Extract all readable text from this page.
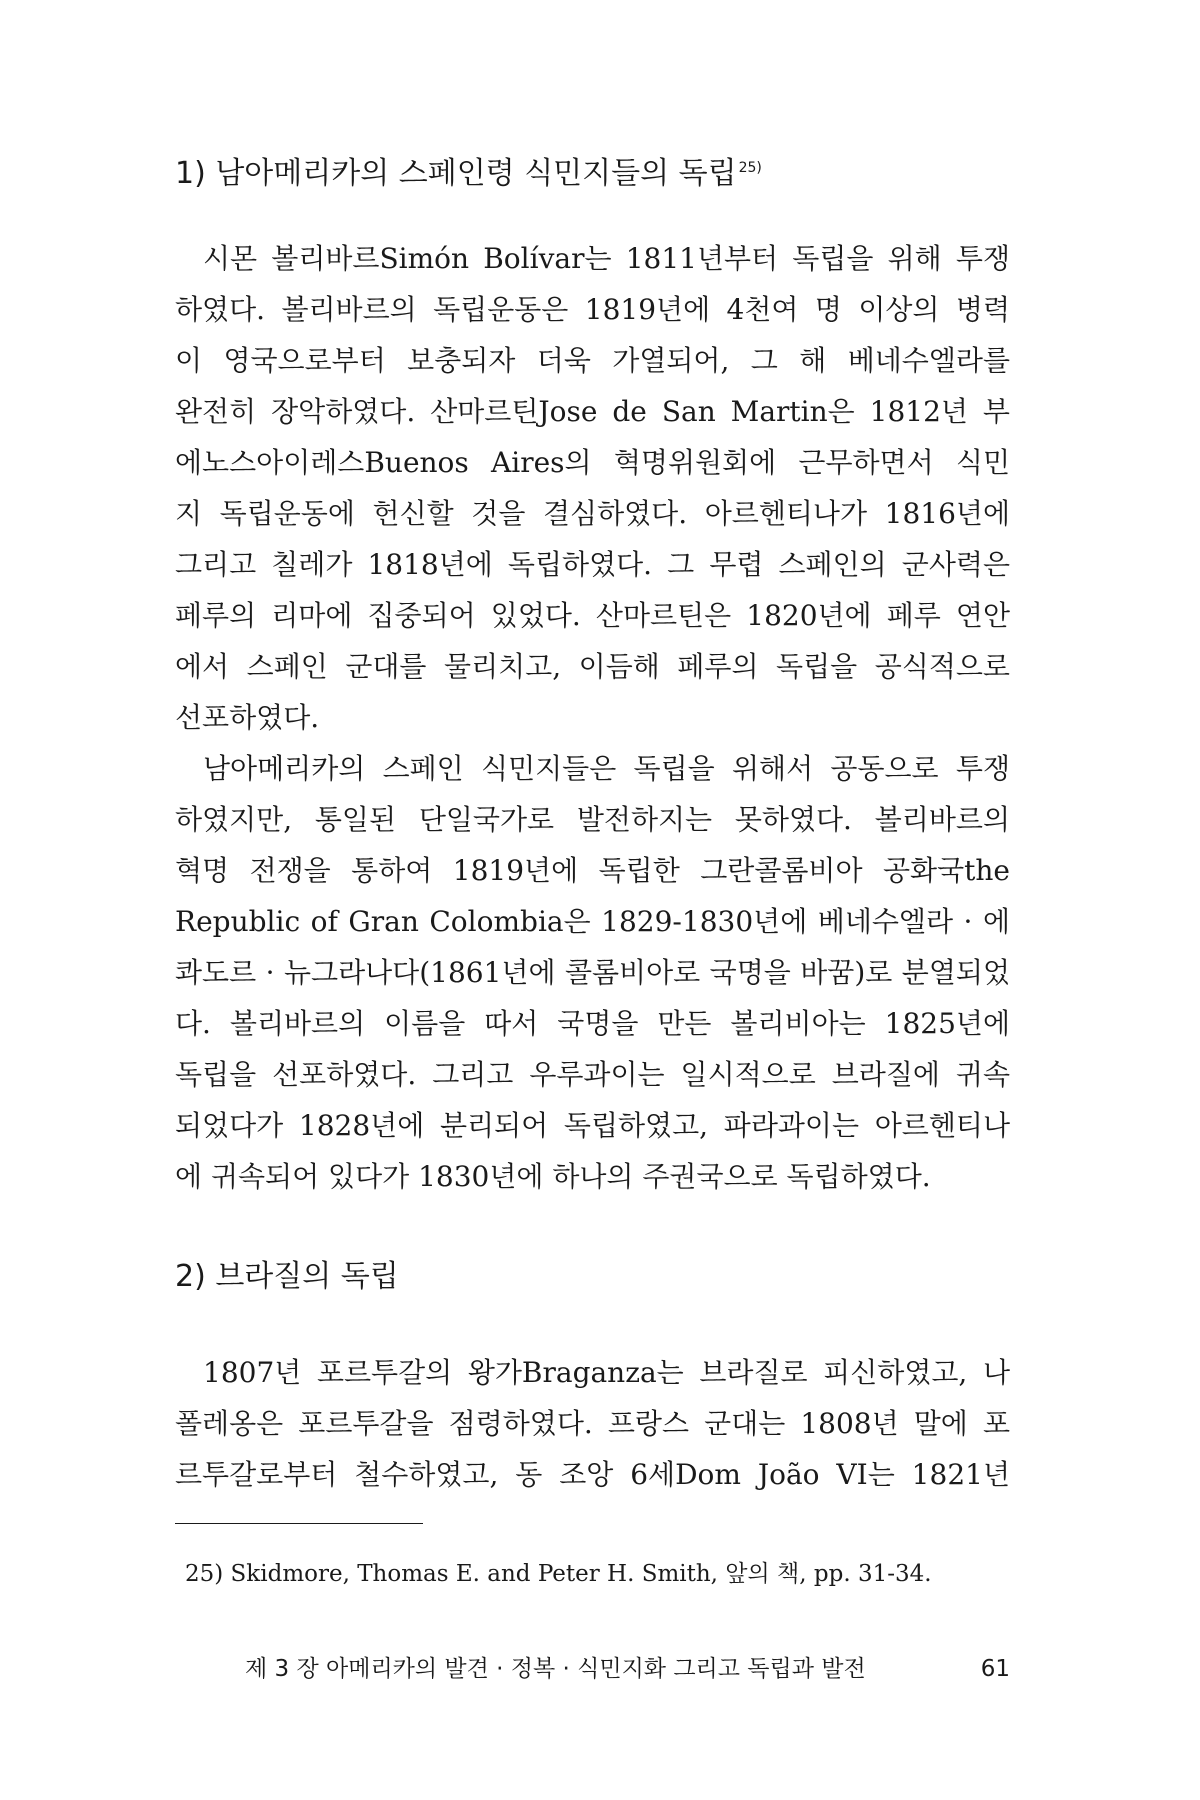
1) 남아메리카의 스페인령 식민지들의 독립 $^{25)}$
시몬 볼리바르Simón Bolívar는 1811년부터 독립을 위해 투쟁
하였다. 볼리바르의 독립운동은 1819년에 4천여 명 이상의 병력
이 영국으로부터 보충되자 더욱 가열되어, 그 해 베네수엘라를
완전히 장악하였다. 산마르틴Jose de San Martin은 1812년 부
에노스아이레스Buenos Aires의 혁명위원회에 근무하면서 식민
지 독립운동에 헌신할 것을 결심하였다. 아르헨티나가 1816년에
그리고 칠레가 1818년에 독립하였다. 그 무렵 스페인의 군사력은
페루의 리마에 집중되어 있었다. 산마르틴은 1820년에 페루 연안
에서 스페인 군대를 물리치고, 이듬해 페루의 독립을 공식적으로
선포하였다.
남아메리카의 스페인 식민지들은 독립을 위해서 공동으로 투쟁
하였지만, 통일된 단일국가로 발전하지는 못하였다. 볼리바르의
혁명 전쟁을 통하여 1819년에 독립한 그란콜롬비아 공화국the
Republic of Gran Colombia은 1829-1830년에 베네수엘라 · 에
콰도르 · 뉴그라나다(1861년에 콜롬비아로 국명을 바꿈)로 분열되었
다. 볼리바르의 이름을 따서 국명을 만든 볼리비아는 1825년에
독립을 선포하였다. 그리고 우루과이는 일시적으로 브라질에 귀속
되었다가 1828년에 분리되어 독립하였고, 파라과이는 아르헨티나
에 귀속되어 있다가 1830년에 하나의 주권국으로 독립하였다.
2) 브라질의 독립
1807년 포르투갈의 왕가Braganza는 브라질로 피신하였고, 나
폴레옹은 포르투갈을 점령하였다. 프랑스 군대는 1808년 말에 포
르투갈로부터 철수하였고, 동 조앙 6세Dom João VI는 1821년
25) Skidmore, Thomas E. and Peter H. Smith, 앞의 책, pp. 31-34.
제 3 장 아메리카의 발견 · 정복 · 식민지화 그리고 독립과 발전	61
